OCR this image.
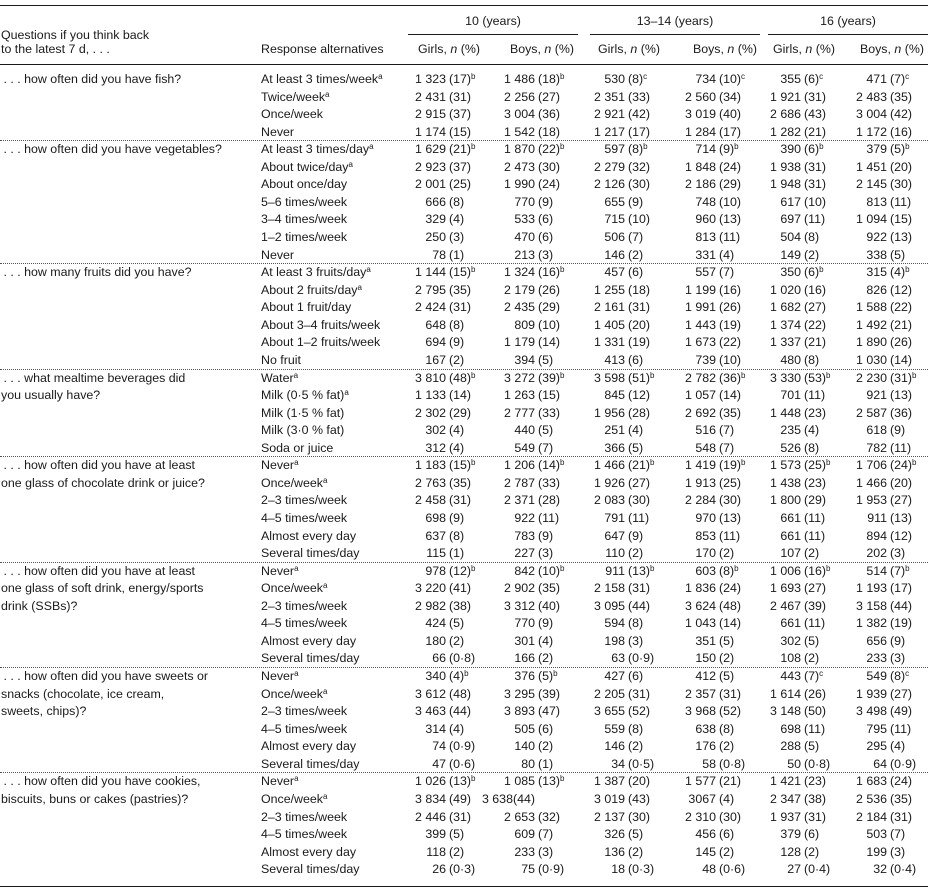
Questions if you think back
to the latest 7 d, . . .	Response alternatives
10 (years)	13–14 (years)	16 (years)
Girls, n (%)	Boys, n (%)	Girls, n (%)	Boys, n (%)	Girls, n (%)	Boys, n (%)
 . . . how often did you have fish?	At least 3 times/week$^a$	1 323 $(17)^b$	1 486 $(18)^b$	530 $(8)^c$	734 $(10)^c$	355 $(6)^c$	471 $(7)^c$
Twice/week$^a$	2 431 (31)	2 256 (27)	2 351 (33)	2 560 (34)	1 921 (31)	2 483 (35)
Once/week	2 915 (37)	3 004 (36)	2 921 (42)	3 019 (40)	2 686 (43)	3 004 (42)
Never	1 174 (15)	1 542 (18)	1 217 (17)	1 284 (17)	1 282 (21)	1 172 (16)
 . . . how often did you have vegetables?	At least 3 times/day$^a$	1 629 $(21)^b$	1 870 $(22)^b$	597 $(8)^b$	714 $(9)^b$	390 $(6)^b$	379 $(5)^b$
About twice/day$^a$	2 923 (37)	2 473 (30)	2 279 (32)	1 848 (24)	1 938 (31)	1 451 (20)
About once/day	2 001 (25)	1 990 (24)	2 126 (30)	2 186 (29)	1 948 (31)	2 145 (30)
5–6 times/week	666 (8)	770 (9)	655 (9)	748 (10)	617 (10)	813 (11)
3–4 times/week	329 (4)	533 (6)	715 (10)	960 (13)	697 (11)	1 094 (15)
1–2 times/week	250 (3)	470 (6)	506 (7)	813 (11)	504 (8)	922 (13)
Never	78 (1)	213 (3)	146 (2)	331 (4)	149 (2)	338 (5)
 . . . how many fruits did you have?	At least 3 fruits/day$^a$	1 144 $(15)^b$	1 324 $(16)^b$	457 (6)	557 (7)	350 $(6)^b$	315 $(4)^b$
About 2 fruits/day$^a$	2 795 (35)	2 179 (26)	1 255 (18)	1 199 (16)	1 020 (16)	826 (12)
About 1 fruit/day	2 424 (31)	2 435 (29)	2 161 (31)	1 991 (26)	1 682 (27)	1 588 (22)
About 3–4 fruits/week	648 (8)	809 (10)	1 405 (20)	1 443 (19)	1 374 (22)	1 492 (21)
About 1–2 fruits/week	694 (9)	1 179 (14)	1 331 (19)	1 673 (22)	1 337 (21)	1 890 (26)
No fruit	167 (2)	394 (5)	413 (6)	739 (10)	480 (8)	1 030 (14)
 . . . what mealtime beverages did
you usually have?
Water$^a$	3 810 $(48)^b$	3 272 $(39)^b$	3 598 $(51)^b$	2 782 $(36)^b$	3 330 $(53)^b$	2 230 $(31)^b$
Milk (0·5 % fat)$^a$	1 133 (14)	1 263 (15)	845 (12)	1 057 (14)	701 (11)	921 (13)
Milk (1·5 % fat)	2 302 (29)	2 777 (33)	1 956 (28)	2 692 (35)	1 448 (23)	2 587 (36)
Milk (3·0 % fat)	302 (4)	440 (5)	251 (4)	516 (7)	235 (4)	618 (9)
Soda or juice	312 (4)	549 (7)	366 (5)	548 (7)	526 (8)	782 (11)
 . . . how often did you have at least
one glass of chocolate drink or juice?
Never$^a$	1 183 $(15)^b$	1 206 $(14)^b$	1 466 $(21)^b$	1 419 $(19)^b$	1 573 $(25)^b$	1 706 $(24)^b$
Once/week$^a$	2 763 (35)	2 787 (33)	1 926 (27)	1 913 (25)	1 438 (23)	1 466 (20)
2–3 times/week	2 458 (31)	2 371 (28)	2 083 (30)	2 284 (30)	1 800 (29)	1 953 (27)
4–5 times/week	698 (9)	922 (11)	791 (11)	970 (13)	661 (11)	911 (13)
Almost every day	637 (8)	783 (9)	647 (9)	853 (11)	661 (11)	894 (12)
Several times/day	115 (1)	227 (3)	110 (2)	170 (2)	107 (2)	202 (3)
 . . . how often did you have at least
one glass of soft drink, energy/sports
drink (SSBs)?
Never$^a$	978 $(12)^b$	842 $(10)^b$	911 $(13)^b$	603 $(8)^b$	1 006 $(16)^b$	514 $(7)^b$
Once/week$^a$	3 220 (41)	2 902 (35)	2 158 (31)	1 836 (24)	1 693 (27)	1 193 (17)
2–3 times/week	2 982 (38)	3 312 (40)	3 095 (44)	3 624 (48)	2 467 (39)	3 158 (44)
4–5 times/week	424 (5)	770 (9)	594 (8)	1 043 (14)	661 (11)	1 382 (19)
Almost every day	180 (2)	301 (4)	198 (3)	351 (5)	302 (5)	656 (9)
Several times/day	66 (0·8)	166 (2)	63 (0·9)	150 (2)	108 (2)	233 (3)
 . . . how often did you have sweets or
snacks (chocolate, ice cream,
sweets, chips)?
Never$^a$	340 $(4)^b$	376 $(5)^b$	427 (6)	412 (5)	443 $(7)^c$	549 $(8)^c$
Once/week$^a$	3 612 (48)	3 295 (39)	2 205 (31)	2 357 (31)	1 614 (26)	1 939 (27)
2–3 times/week	3 463 (44)	3 893 (47)	3 655 (52)	3 968 (52)	3 148 (50)	3 498 (49)
4–5 times/week	314 (4)	505 (6)	559 (8)	638 (8)	698 (11)	795 (11)
Almost every day	74 (0·9)	140 (2)	146 (2)	176 (2)	288 (5)	295 (4)
Several times/day	47 (0·6)	80 (1)	34 (0·5)	58 (0·8)	50 (0·8)	64 (0·9)
 . . . how often did you have cookies,
biscuits, buns or cakes (pastries)?
Never$^a$	1 026 $(13)^b$	1 085 $(13)^b$	1 387 (20)	1 577 (21)	1 421 (23)	1 683 (24)
Once/week$^a$	3 834 (49) 3 638(44)	3 019 (43)	3067 (4)	2 347 (38)	2 536 (35)
2–3 times/week	2 446 (31)	2 653 (32)	2 137 (30)	2 310 (30)	1 937 (31)	2 184 (31)
4–5 times/week	399 (5)	609 (7)	326 (5)	456 (6)	379 (6)	503 (7)
Almost every day	118 (2)	233 (3)	136 (2)	145 (2)	128 (2)	199 (3)
Several times/day	26 (0·3)	75 (0·9)	18 (0·3)	48 (0·6)	27 (0·4)	32 (0·4)
